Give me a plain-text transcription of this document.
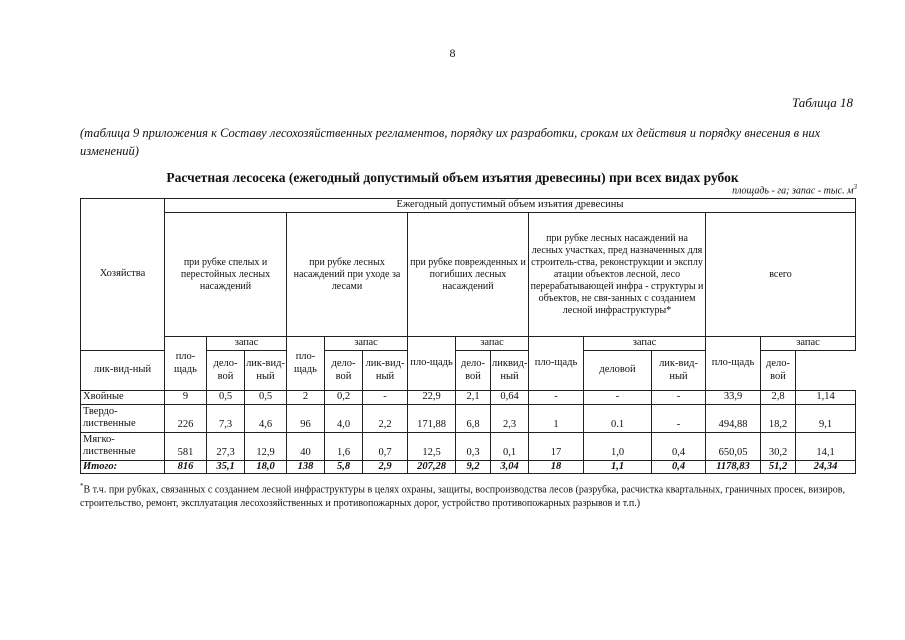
8
Таблица 18
(таблица 9 приложения к Составу лесохозяйственных регламентов, порядку их разработки, срокам их действия и порядку внесения в них изменений)
Расчетная лесосека (ежегодный допустимый объем изъятия древесины) при всех видах рубок
площадь - га; запас - тыс. $м^3$
Хозяйства	Ежегодный допустимый объем изъятия древесины														
	при рубке спелых и перестойных лесных насаждений			при рубке лесных насаждений при уходе за лесами			при рубке поврежденных и погибших лесных насаждений			при рубке лесных насаждений на лесных участках, пред назначенных для строитель-ства, реконструкции и эксплу атации объектов лесной, лесо перерабатывающей инфра - структуры и объектов, не свя-занных с созданием лесной инфраструктуры*			всего		
	пло-щадь	запас		пло-щадь	запас		пло-щадь	запас		пло-щадь	запас		пло-щадь	запас	
лик-вид-ный		дело-вой	лик-вид-ный		дело-вой	лик-вид-ный		дело-вой	ликвид-ный		деловой	лик-вид-ный		дело-вой	
Хвойные	9	0,5	0,5	2	0,2	-	22,9	2,1	0,64	-	-	-	33,9	2,8	1,14
Твердо-лиственные	226	7,3	4,6	96	4,0	2,2	171,88	6,8	2,3	1	0.1	-	494,88	18,2	9,1
Мягко-лиственные	581	27,3	12,9	40	1,6	0,7	12,5	0,3	0,1	17	1,0	0,4	650,05	30,2	14,1
Итого:	816	35,1	18,0	138	5,8	2,9	207,28	9,2	3,04	18	1,1	0,4	1178,83	51,2	24,34
*В т.ч. при рубках, связанных с созданием лесной инфраструктуры в целях охраны, защиты, воспроизводства лесов (разрубка, расчистка квартальных, граничных просек, визиров, строительство, ремонт, эксплуатация лесохозяйственных и противопожарных дорог, устройство противопожарных разрывов и т.п.)
